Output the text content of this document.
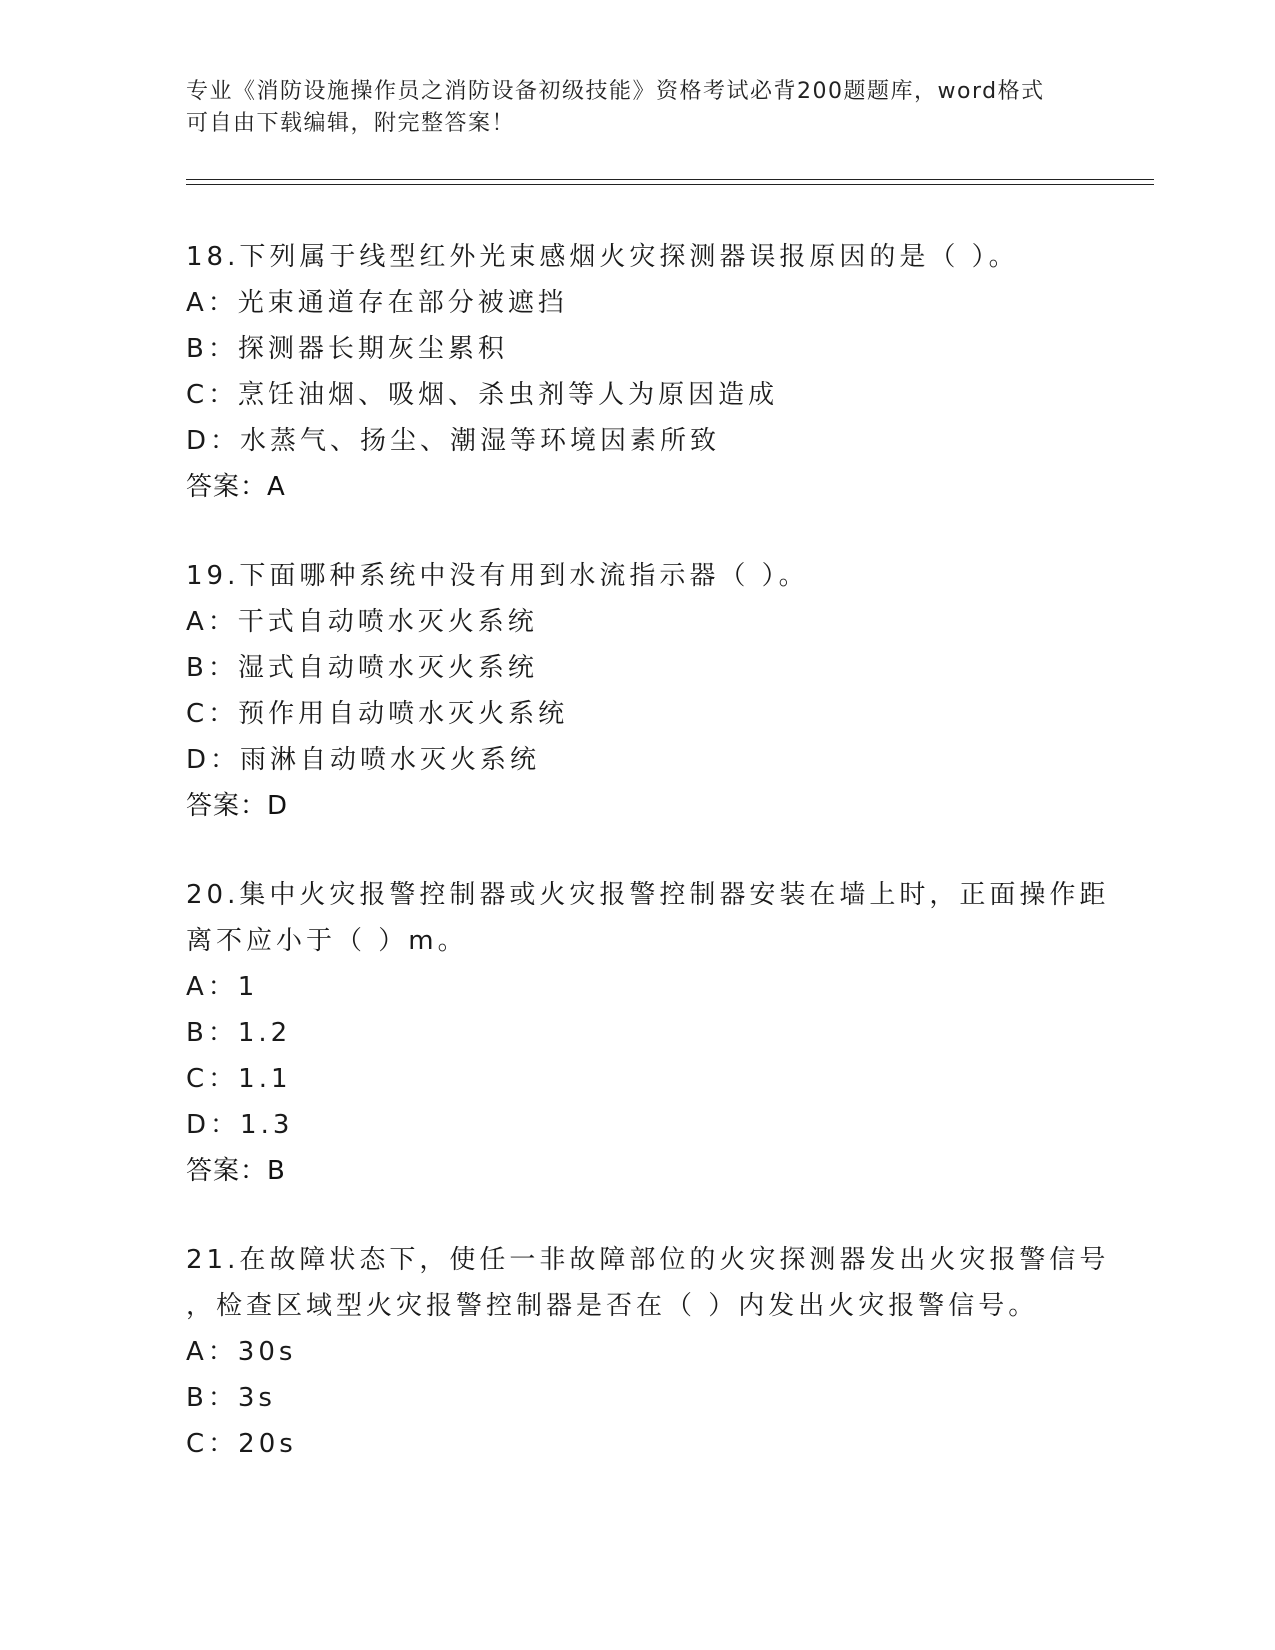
专业《消防设施操作员之消防设备初级技能》资格考试必背200题题库，word格式可自由下载编辑，附完整答案！
18.下列属于线型红外光束感烟火灾探测器误报原因的是（ ）。
A：光束通道存在部分被遮挡
B：探测器长期灰尘累积
C：烹饪油烟、吸烟、杀虫剂等人为原因造成
D：水蒸气、扬尘、潮湿等环境因素所致
答案：A
19.下面哪种系统中没有用到水流指示器（ ）。
A：干式自动喷水灭火系统
B：湿式自动喷水灭火系统
C：预作用自动喷水灭火系统
D：雨淋自动喷水灭火系统
答案：D
20.集中火灾报警控制器或火灾报警控制器安装在墙上时，正面操作距
离不应小于（ ）m。
A：1
B：1.2
C：1.1
D：1.3
答案：B
21.在故障状态下，使任一非故障部位的火灾探测器发出火灾报警信号
，检查区域型火灾报警控制器是否在（ ）内发出火灾报警信号。
A：30s
B：3s
C：20s
